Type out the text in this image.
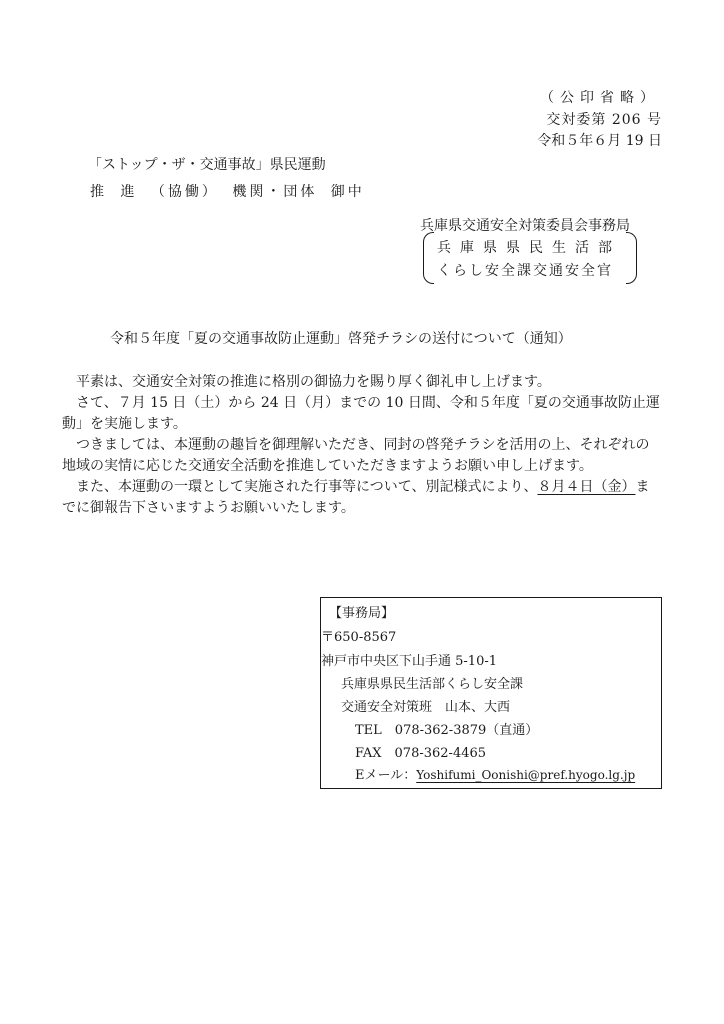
（公印省略）
交対委第 206 号
令和５年６月 19 日
「ストップ・ザ・交通事故」県民運動
推 進 （協働） 機関・団体 御中
兵庫県交通安全対策委員会事務局
兵庫県県民生活部
くらし安全課交通安全官
令和５年度「夏の交通事故防止運動」啓発チラシの送付について（通知）

平素は、交通安全対策の推進に格別の御協力を賜り厚く御礼申し上げます。

さて、７月 15 日（土）から 24 日（月）までの 10 日間、令和５年度「夏の交通事故防止運動」を実施します。

つきましては、本運動の趣旨を御理解いただき、同封の啓発チラシを活用の上、それぞれの地域の実情に応じた交通安全活動を推進していただきますようお願い申し上げます。

また、本運動の一環として実施された行事等について、別記様式により、８月４日（金）までに御報告下さいますようお願いいたします。

【事務局】
〒650-8567
神戸市中央区下山手通 5-10-1
兵庫県県民生活部くらし安全課
交通安全対策班　山本、大西
TEL　078-362-3879（直通）
FAX　078-362-4465
Eメール：Yoshifumi_Oonishi@pref.hyogo.lg.jp
